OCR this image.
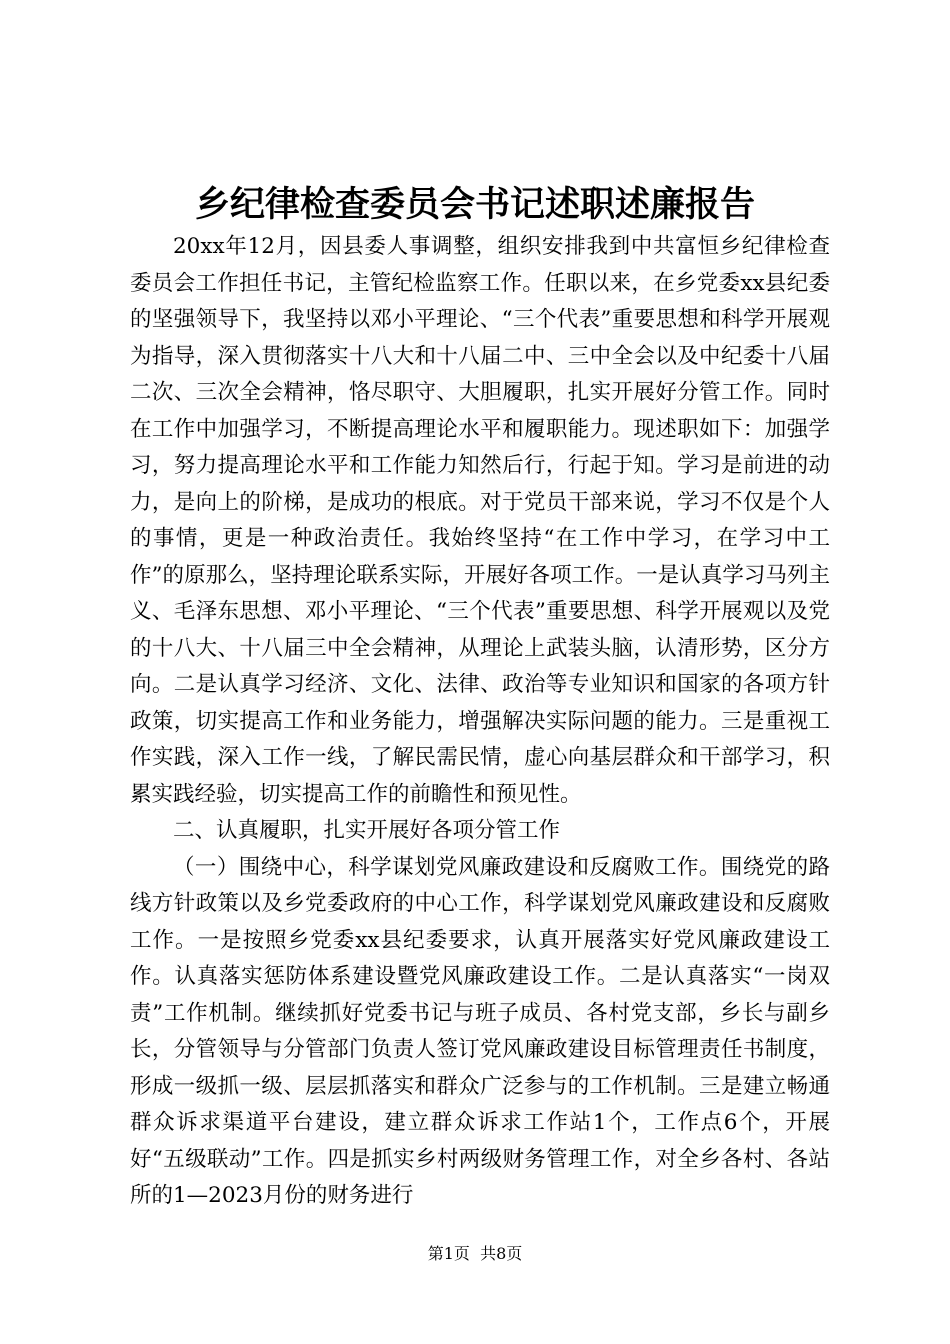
乡纪律检查委员会书记述职述廉报告

20xx年12月，因县委人事调整，组织安排我到中共富恒乡纪律检查委员会工作担任书记，主管纪检监察工作。任职以来，在乡党委xx县纪委的坚强领导下，我坚持以邓小平理论、“三个代表”重要思想和科学开展观为指导，深入贯彻落实十八大和十八届二中、三中全会以及中纪委十八届二次、三次全会精神，恪尽职守、大胆履职，扎实开展好分管工作。同时在工作中加强学习，不断提高理论水平和履职能力。现述职如下：加强学习，努力提高理论水平和工作能力知然后行，行起于知。学习是前进的动力，是向上的阶梯，是成功的根底。对于党员干部来说，学习不仅是个人的事情，更是一种政治责任。我始终坚持“在工作中学习，在学习中工作”的原那么，坚持理论联系实际，开展好各项工作。一是认真学习马列主义、毛泽东思想、邓小平理论、“三个代表”重要思想、科学开展观以及党的十八大、十八届三中全会精神，从理论上武装头脑，认清形势，区分方向。二是认真学习经济、文化、法律、政治等专业知识和国家的各项方针政策，切实提高工作和业务能力，增强解决实际问题的能力。三是重视工作实践，深入工作一线，了解民需民情，虚心向基层群众和干部学习，积累实践经验，切实提高工作的前瞻性和预见性。

二、认真履职，扎实开展好各项分管工作

（一）围绕中心，科学谋划党风廉政建设和反腐败工作。围绕党的路线方针政策以及乡党委政府的中心工作，科学谋划党风廉政建设和反腐败工作。一是按照乡党委xx县纪委要求，认真开展落实好党风廉政建设工作。认真落实惩防体系建设暨党风廉政建设工作。二是认真落实“一岗双责”工作机制。继续抓好党委书记与班子成员、各村党支部，乡长与副乡长，分管领导与分管部门负责人签订党风廉政建设目标管理责任书制度，形成一级抓一级、层层抓落实和群众广泛参与的工作机制。三是建立畅通群众诉求渠道平台建设，建立群众诉求工作站1个，工作点6个，开展好“五级联动”工作。四是抓实乡村两级财务管理工作，对全乡各村、各站所的1—2023月份的财务进行

第1页 共8页
